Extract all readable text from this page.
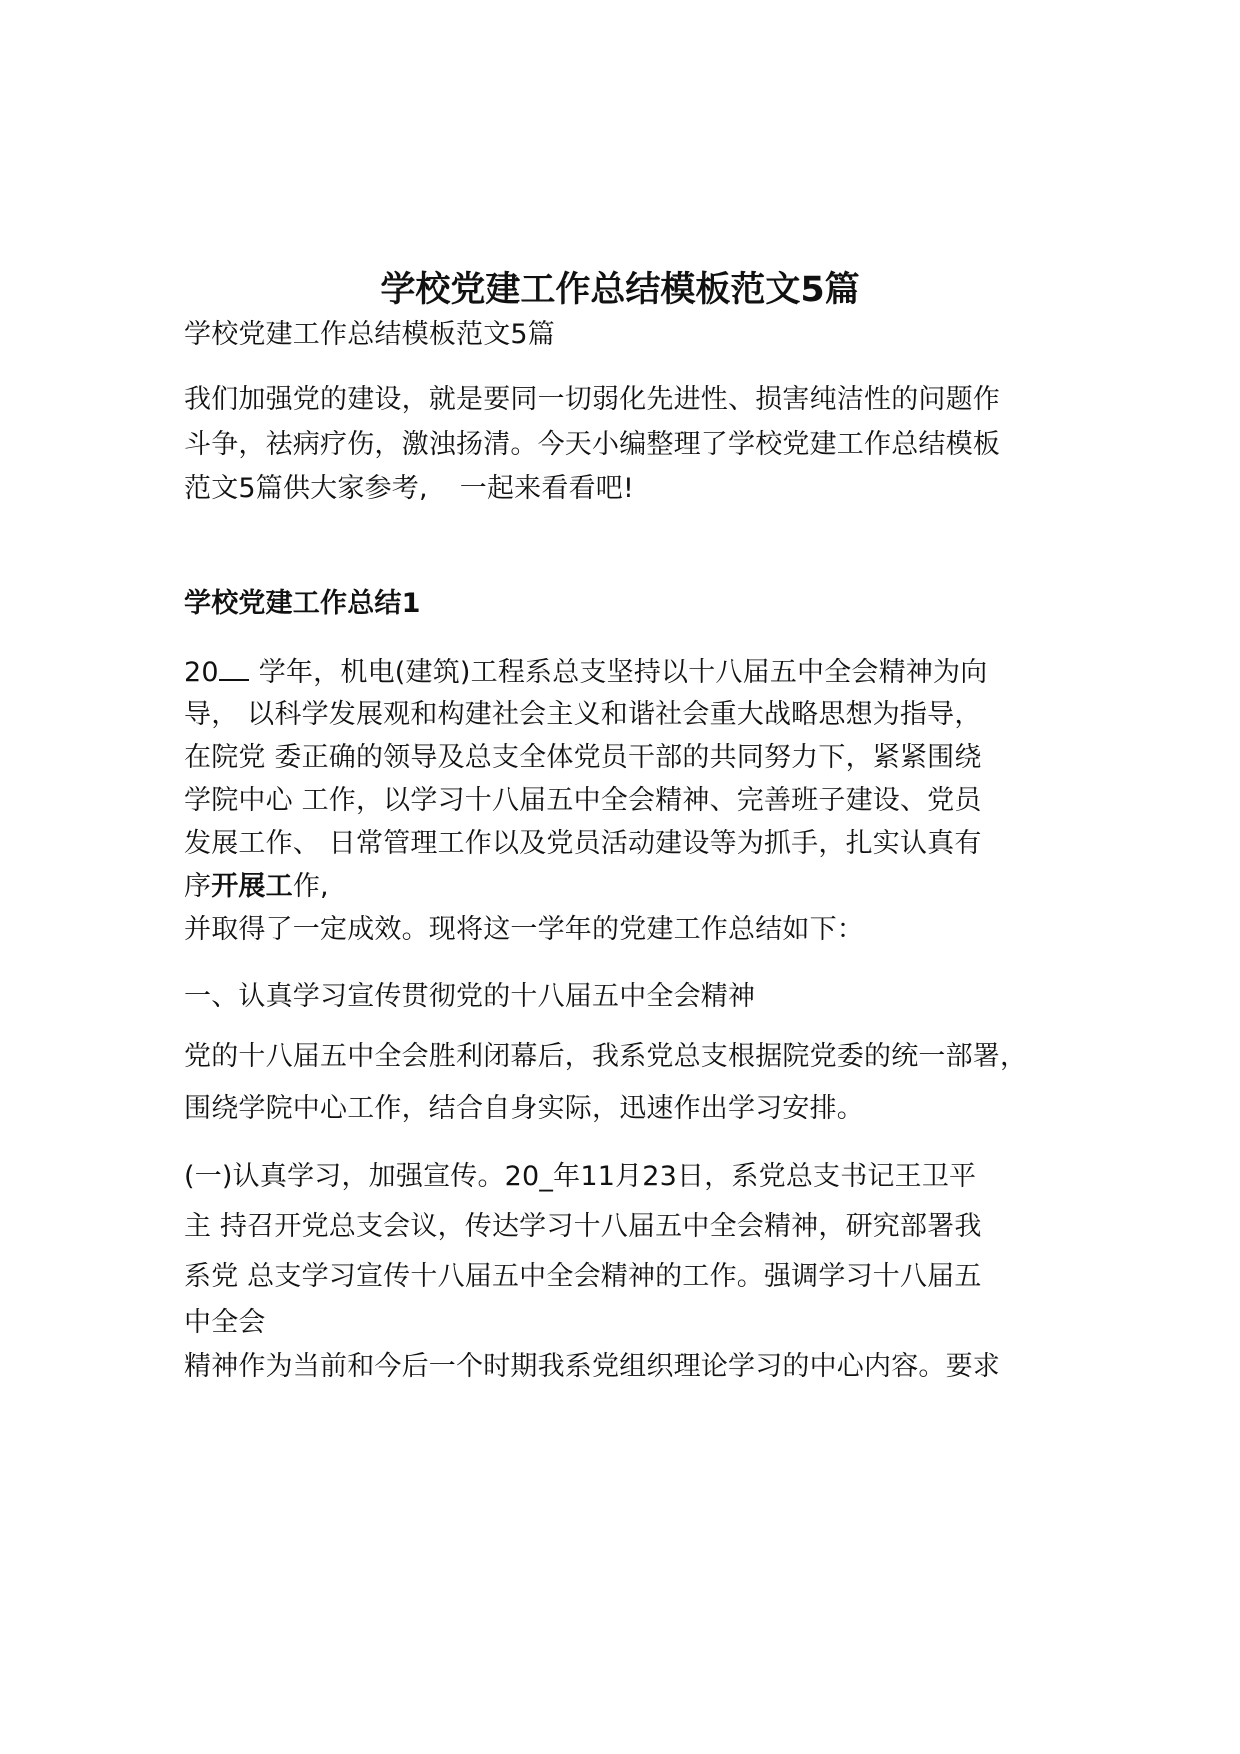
学校党建工作总结模板范文5篇

学校党建工作总结模板范文5篇

我们加强党的建设，就是要同一切弱化先进性、损害纯洁性的问题作

斗争，祛病疗伤，激浊扬清。今天小编整理了学校党建工作总结模板

范文5篇供大家参考, 一起来看看吧!

学校党建工作总结1

20 学年，机电(建筑)工程系总支坚持以十八届五中全会精神为向

导， 以科学发展观和构建社会主义和谐社会重大战略思想为指导，

在院党 委正确的领导及总支全体党员干部的共同努力下，紧紧围绕

学院中心 工作，以学习十八届五中全会精神、完善班子建设、党员

发展工作、 日常管理工作以及党员活动建设等为抓手，扎实认真有

序开展工作,

并取得了一定成效。现将这一学年的党建工作总结如下：

一、认真学习宣传贯彻党的十八届五中全会精神

党的十八届五中全会胜利闭幕后，我系党总支根据院党委的统一部署，

围绕学院中心工作，结合自身实际，迅速作出学习安排。

(一)认真学习，加强宣传。20_年11月23日，系党总支书记王卫平

主 持召开党总支会议，传达学习十八届五中全会精神，研究部署我

系党 总支学习宣传十八届五中全会精神的工作。强调学习十八届五

中全会

精神作为当前和今后一个时期我系党组织理论学习的中心内容。要求
